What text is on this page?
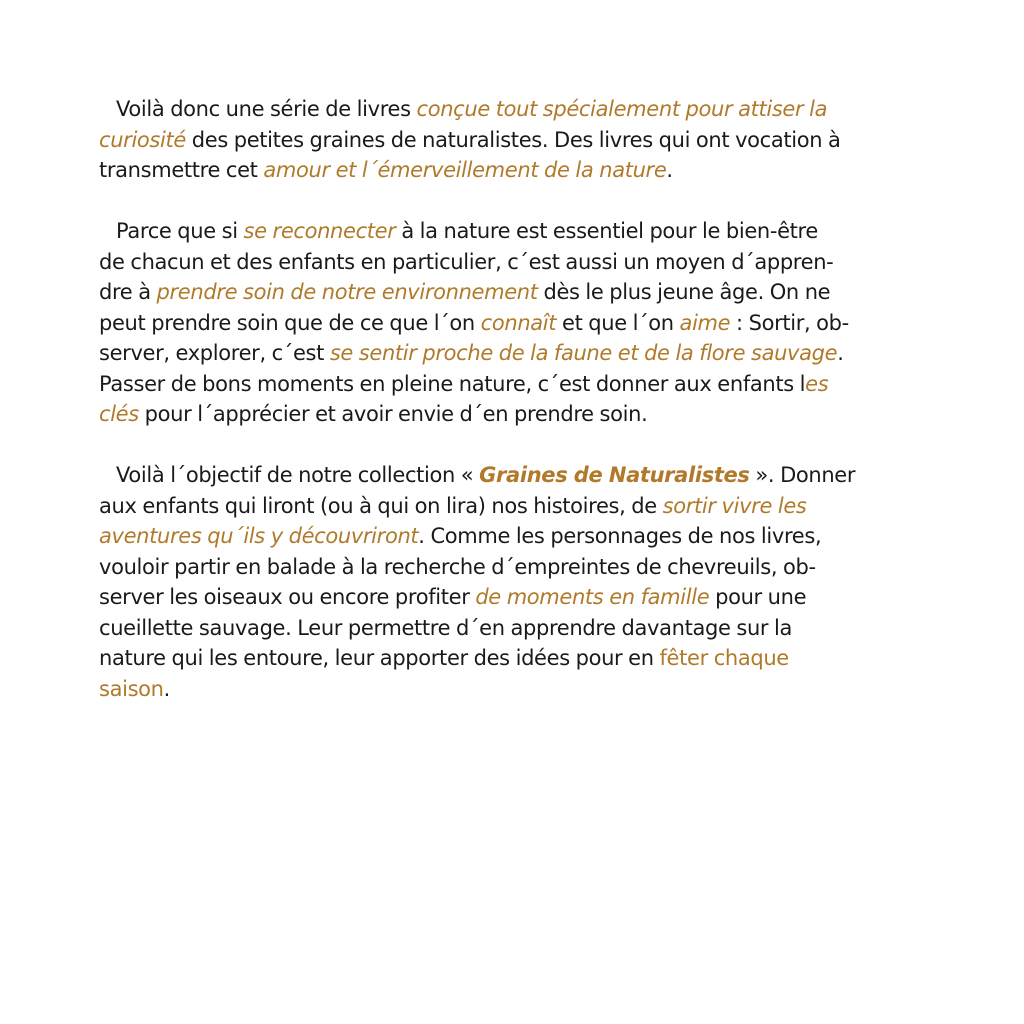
Voilà donc une série de livres conçue tout spécialement pour attiser la
curiosité des petites graines de naturalistes. Des livres qui ont vocation à
transmettre cet amour et l´émerveillement de la nature.
Parce que si se reconnecter à la nature est essentiel pour le bien-être
de chacun et des enfants en particulier, c´est aussi un moyen d´appren-
dre à prendre soin de notre environnement dès le plus jeune âge. On ne
peut prendre soin que de ce que l´on connaît et que l´on aime : Sortir, ob-
server, explorer, c´est se sentir proche de la faune et de la flore sauvage.
Passer de bons moments en pleine nature, c´est donner aux enfants les
clés pour l´apprécier et avoir envie d´en prendre soin.
Voilà l´objectif de notre collection « Graines de Naturalistes ». Donner
aux enfants qui liront (ou à qui on lira) nos histoires, de sortir vivre les
aventures qu´ils y découvriront. Comme les personnages de nos livres,
vouloir partir en balade à la recherche d´empreintes de chevreuils, ob-
server les oiseaux ou encore profiter de moments en famille pour une
cueillette sauvage. Leur permettre d´en apprendre davantage sur la
nature qui les entoure, leur apporter des idées pour en fêter chaque
saison.
